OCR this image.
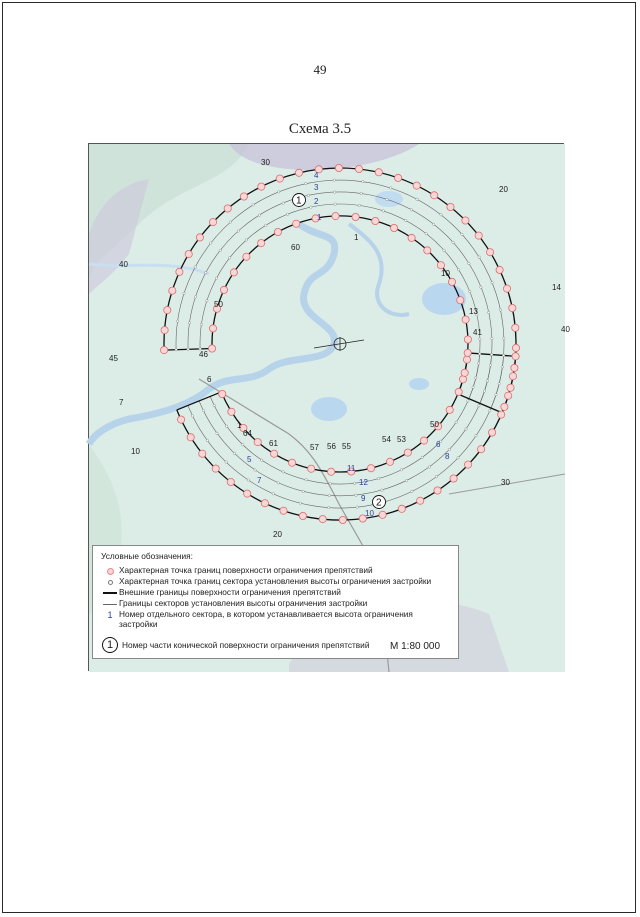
49
Схема 3.5
4
3
2
1
30
20
40
1
60
10
14
13
50
45	46
5
6
7
8
9
10
11
12
41	40
6
7
1
64
61	57 56 55
54 53
50
10
30
20
1
2
Условные обозначения:
Характерная точка границ поверхности ограничения препятствий
Характерная точка границ сектора установления высоты ограничения застройки
Внешние границы поверхности ограничения препятствий
Границы секторов установления высоты ограничения застройки
1 Номер отдельного сектора, в котором устанавливается высота ограничения застройки
1	Номер части конической поверхности ограничения препятствий М 1:80 000
